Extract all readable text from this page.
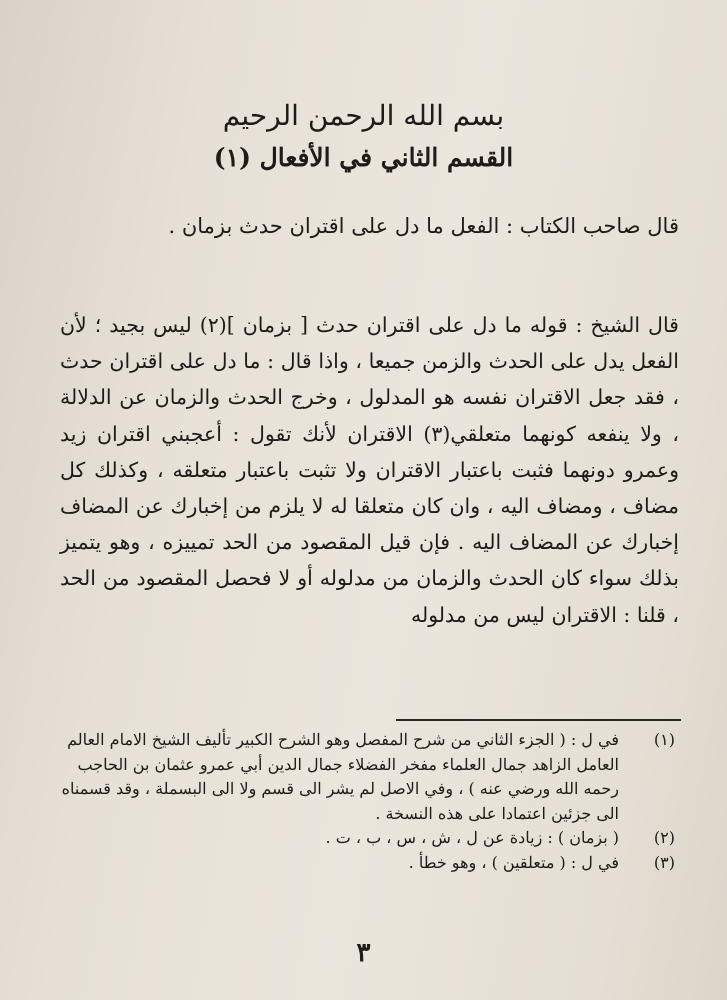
بسم الله الرحمن الرحيم
القسم الثاني في الأفعال (١)

قال صاحب الكتاب : الفعل ما دل على اقتران حدث بزمان .

قال الشيخ : قوله ما دل على اقتران حدث [ بزمان ](٢) ليس بجيد ؛ لأن الفعل يدل على الحدث والزمن جميعا ، واذا قال : ما دل على اقتران حدث ، فقد جعل الاقتران نفسه هو المدلول ، وخرج الحدث والزمان عن الدلالة ، ولا ينفعه كونهما متعلقي(٣) الاقتران لأنك تقول : أعجبني اقتران زيد وعمرو دونهما فثبت باعتبار الاقتران ولا تثبت باعتبار متعلقه ، وكذلك كل مضاف ، ومضاف اليه ، وان كان متعلقا له لا يلزم من إخبارك عن المضاف إخبارك عن المضاف اليه . فإن قيل المقصود من الحد تمييزه ، وهو يتميز بذلك سواء كان الحدث والزمان من مدلوله أو لا فحصل المقصود من الحد ، قلنا : الاقتران ليس من مدلوله

(١)
في ل : ( الجزء الثاني من شرح المفصل وهو الشرح الكبير تأليف الشيخ الامام العالم العامل الزاهد جمال العلماء مفخر الفضلاء جمال الدين أبي عمرو عثمان بن الحاجب رحمه الله ورضي عنه ) ، وفي الاصل لم يشر الى قسم ولا الى البسملة ، وقد قسمناه الى جزئين اعتمادا على هذه النسخة .
(٢)
( بزمان ) : زيادة عن ل ، ش ، س ، ب ، ت .
(٣)
في ل : ( متعلقين ) ، وهو خطأ .
٣
